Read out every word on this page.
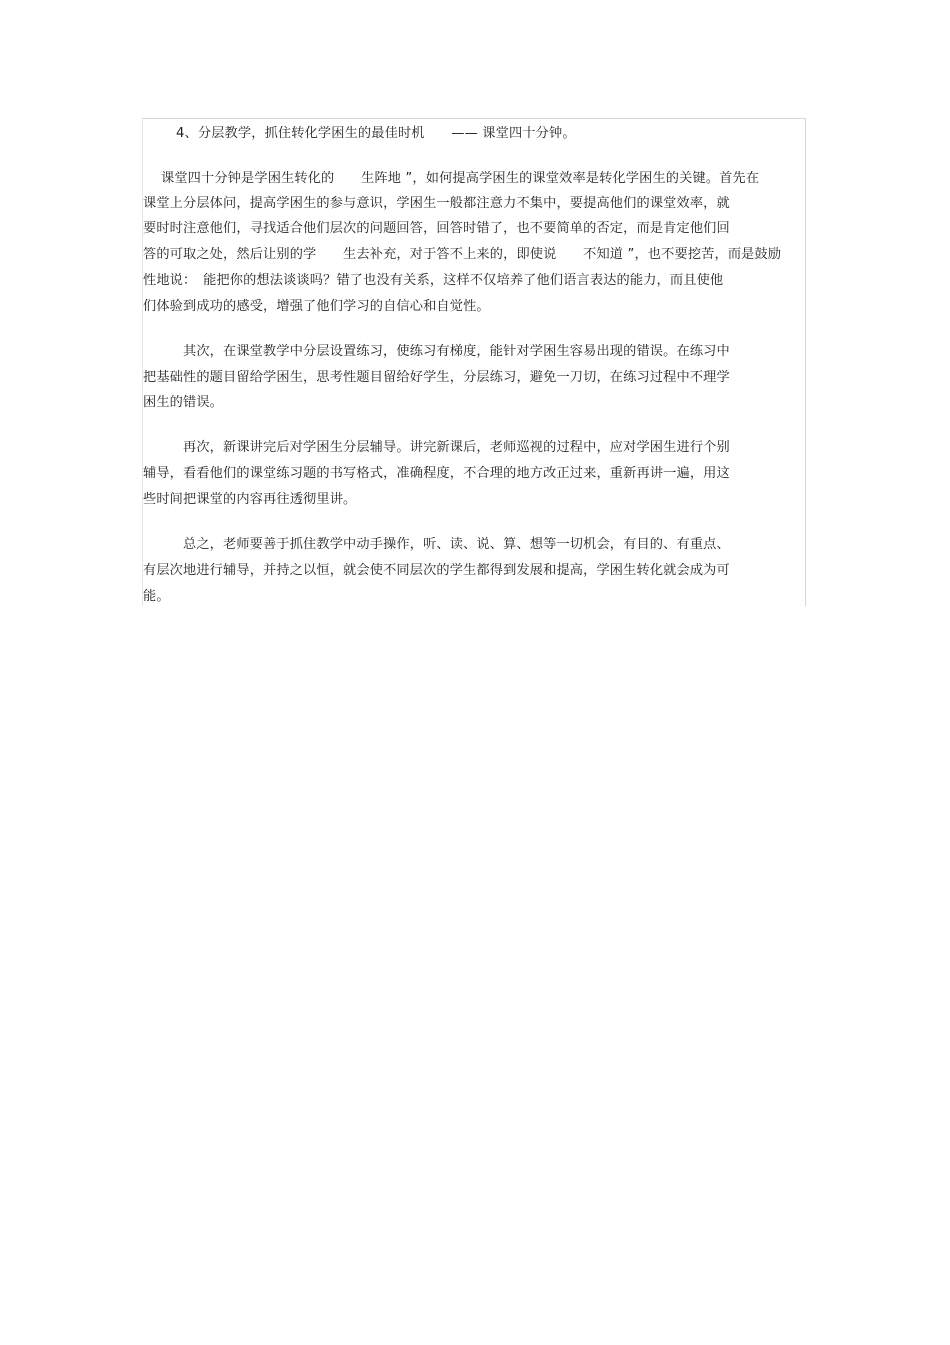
4、分层教学，抓住转化学困生的最佳时机　　—— 课堂四十分钟。
课堂四十分钟是学困生转化的　　生阵地 ”，如何提高学困生的课堂效率是转化学困生的关键。首先在
课堂上分层体问，提高学困生的参与意识，学困生一般都注意力不集中，要提高他们的课堂效率，就
要时时注意他们，寻找适合他们层次的问题回答，回答时错了，也不要简单的否定，而是肯定他们回
答的可取之处，然后让别的学　　生去补充，对于答不上来的，即使说　　不知道 ”，也不要挖苦，而是鼓励
性地说：　能把你的想法谈谈吗？错了也没有关系，这样不仅培养了他们语言表达的能力，而且使他
们体验到成功的感受，增强了他们学习的自信心和自觉性。
其次，在课堂教学中分层设置练习，使练习有梯度，能针对学困生容易出现的错误。在练习中
把基础性的题目留给学困生，思考性题目留给好学生，分层练习，避免一刀切，在练习过程中不理学
困生的错误。
再次，新课讲完后对学困生分层辅导。讲完新课后，老师巡视的过程中，应对学困生进行个别
辅导，看看他们的课堂练习题的书写格式，准确程度，不合理的地方改正过来，重新再讲一遍，用这
些时间把课堂的内容再往透彻里讲。
总之，老师要善于抓住教学中动手操作，听、读、说、算、想等一切机会，有目的、有重点、
有层次地进行辅导，并持之以恒，就会使不同层次的学生都得到发展和提高，学困生转化就会成为可
能。
